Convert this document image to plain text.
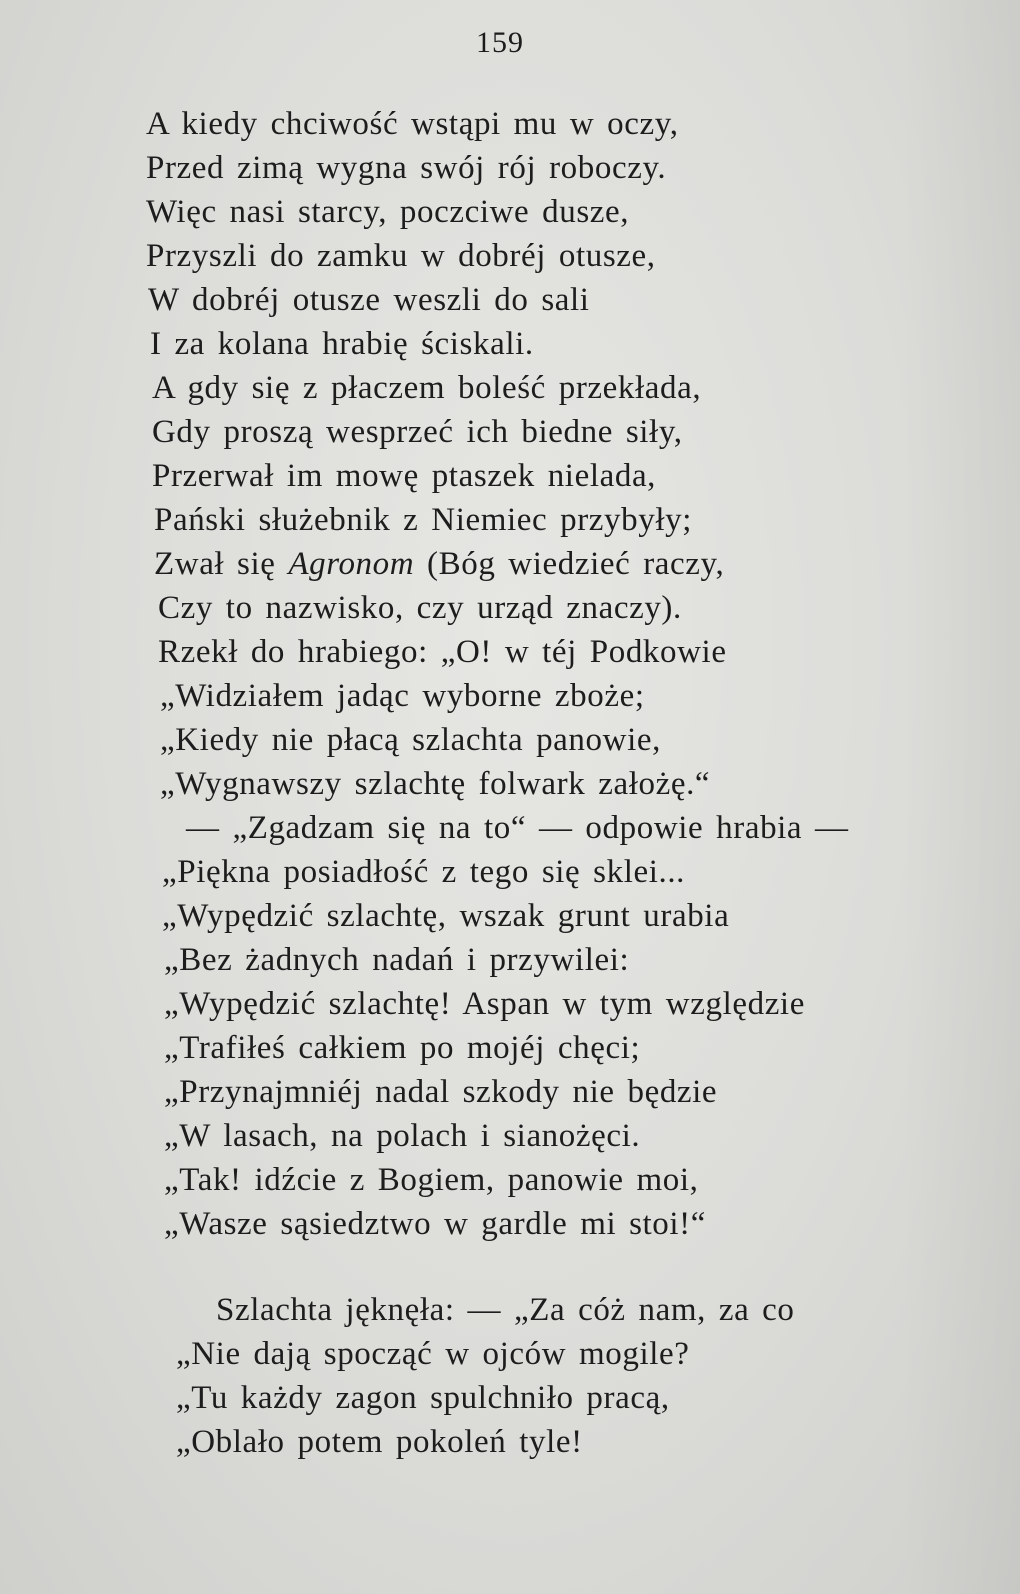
159
A kiedy chciwość wstąpi mu w oczy,
Przed zimą wygna swój rój roboczy.
Więc nasi starcy, poczciwe dusze,
Przyszli do zamku w dobréj otusze,
W dobréj otusze weszli do sali
I za kolana hrabię ściskali.
A gdy się z płaczem boleść przekłada,
Gdy proszą wesprzeć ich biedne siły,
Przerwał im mowę ptaszek nielada,
Pański służebnik z Niemiec przybyły;
Zwał się Agronom (Bóg wiedzieć raczy,
Czy to nazwisko, czy urząd znaczy).
Rzekł do hrabiego: „O! w téj Podkowie
„Widziałem jadąc wyborne zboże;
„Kiedy nie płacą szlachta panowie,
„Wygnawszy szlachtę folwark założę.“
— „Zgadzam się na to“ — odpowie hrabia —
„Piękna posiadłość z tego się sklei...
„Wypędzić szlachtę, wszak grunt urabia
„Bez żadnych nadań i przywilei:
„Wypędzić szlachtę! Aspan w tym względzie
„Trafiłeś całkiem po mojéj chęci;
„Przynajmniéj nadal szkody nie będzie
„W lasach, na polach i sianożęci.
„Tak! idźcie z Bogiem, panowie moi,
„Wasze sąsiedztwo w gardle mi stoi!“
Szlachta jęknęła: — „Za cóż nam, za co
„Nie dają spocząć w ojców mogile?
„Tu każdy zagon spulchniło pracą,
„Oblało potem pokoleń tyle!
